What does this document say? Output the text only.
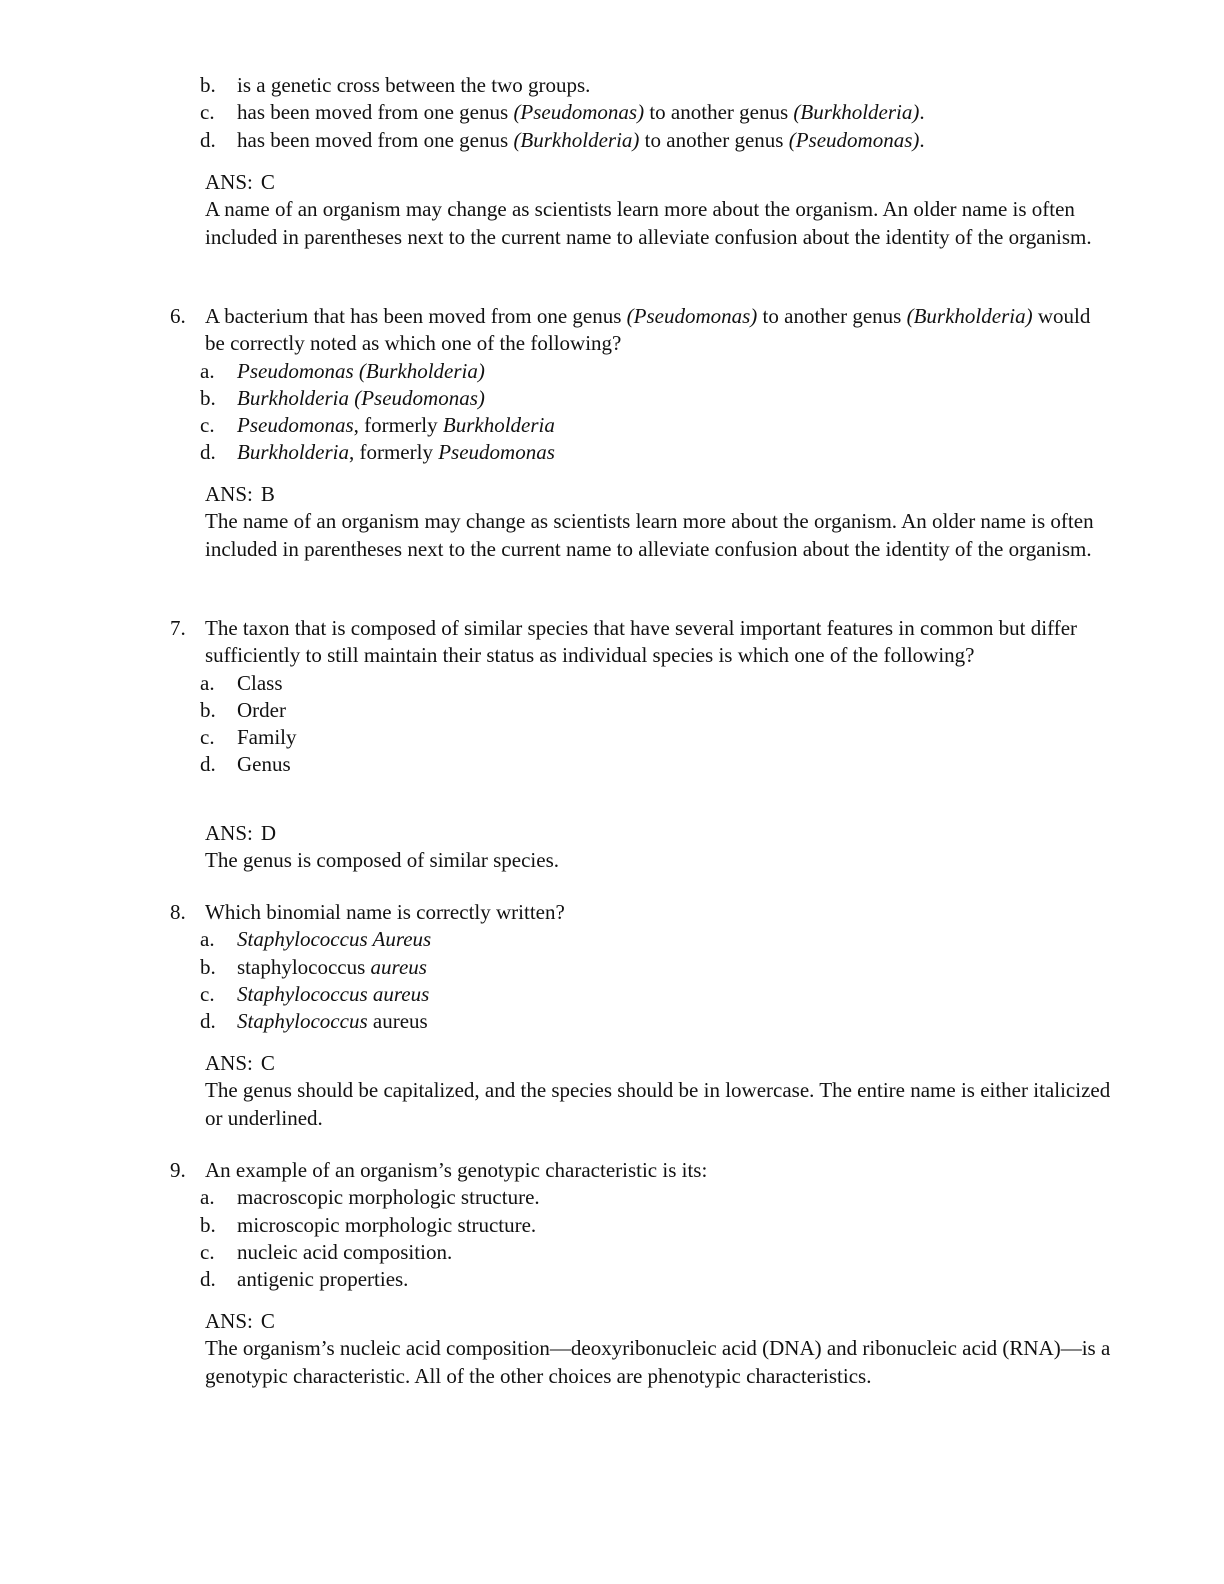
b.	is a genetic cross between the two groups.
c.	has been moved from one genus (Pseudomonas) to another genus (Burkholderia).
d.	has been moved from one genus (Burkholderia) to another genus (Pseudomonas).
ANS: C
A name of an organism may change as scientists learn more about the organism. An older name is often included in parentheses next to the current name to alleviate confusion about the identity of the organism.
6. A bacterium that has been moved from one genus (Pseudomonas) to another genus (Burkholderia) would be correctly noted as which one of the following?
a.	Pseudomonas (Burkholderia)
b.	Burkholderia (Pseudomonas)
c.	Pseudomonas, formerly Burkholderia
d.	Burkholderia, formerly Pseudomonas
ANS: B
The name of an organism may change as scientists learn more about the organism. An older name is often included in parentheses next to the current name to alleviate confusion about the identity of the organism.
7. The taxon that is composed of similar species that have several important features in common but differ sufficiently to still maintain their status as individual species is which one of the following?
a.	Class
b.	Order
c.	Family
d.	Genus
ANS: D
The genus is composed of similar species.
8. Which binomial name is correctly written?
a.	Staphylococcus Aureus
b.	staphylococcus aureus
c.	Staphylococcus aureus
d.	Staphylococcus aureus
ANS: C
The genus should be capitalized, and the species should be in lowercase. The entire name is either italicized or underlined.
9. An example of an organism’s genotypic characteristic is its:
a.	macroscopic morphologic structure.
b.	microscopic morphologic structure.
c.	nucleic acid composition.
d.	antigenic properties.
ANS: C
The organism’s nucleic acid composition—deoxyribonucleic acid (DNA) and ribonucleic acid (RNA)—is a genotypic characteristic. All of the other choices are phenotypic characteristics.
